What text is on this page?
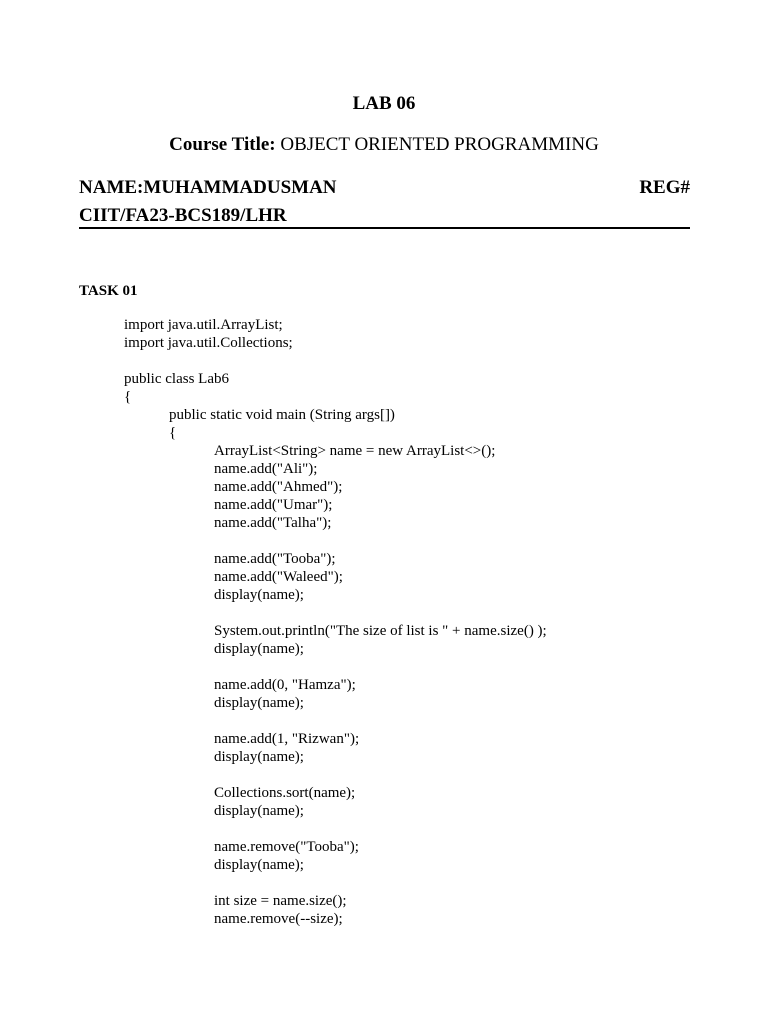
LAB 06
Course Title: OBJECT ORIENTED PROGRAMMING
NAME: MUHAMMAD USMAN	REG#
CIIT/FA23-BCS189/LHR
TASK 01
import java.util.ArrayList;
import java.util.Collections;
public class Lab6
{
public static void main (String args[])
{
ArrayList<String> name = new ArrayList<>();
name.add("Ali");
name.add("Ahmed");
name.add("Umar");
name.add("Talha");
name.add("Tooba");
name.add("Waleed");
display(name);
System.out.println("The size of list is " + name.size() );
display(name);
name.add(0, "Hamza");
display(name);
name.add(1, "Rizwan");
display(name);
Collections.sort(name);
display(name);
name.remove("Tooba");
display(name);
int size = name.size();
name.remove(--size);
